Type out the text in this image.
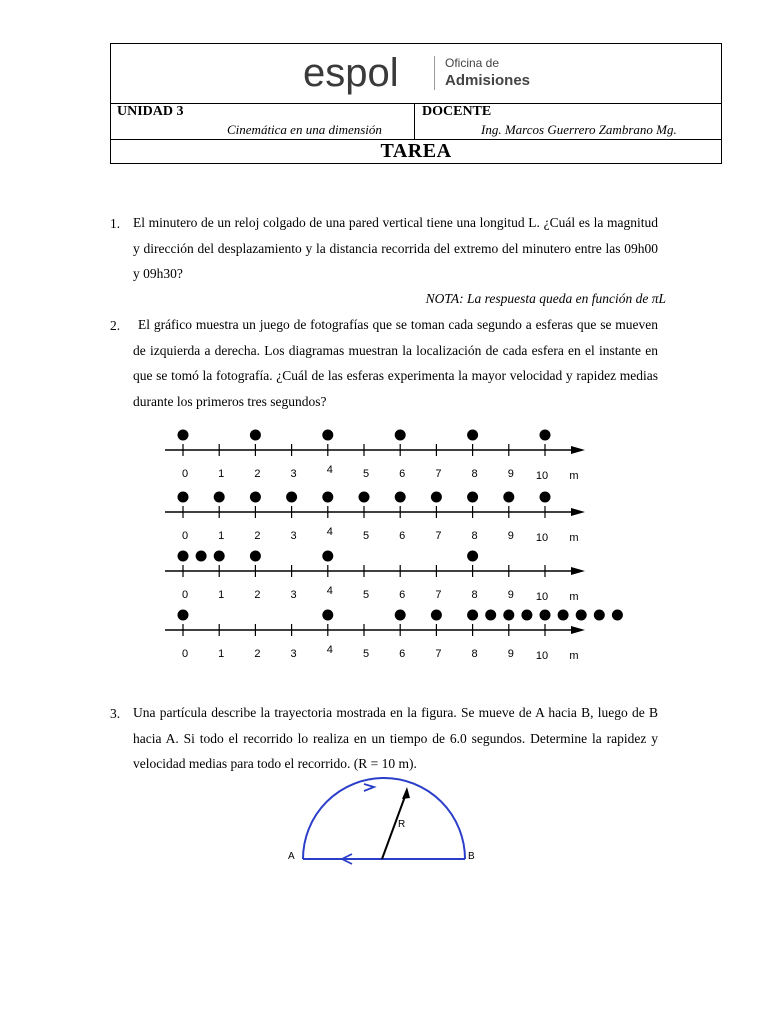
espol	Oficina de
Admisiones
UNIDAD 3
Cinemática en una dimensión
DOCENTE
Ing. Marcos Guerrero Zambrano Mg.
TAREA
1. El minutero de un reloj colgado de una pared vertical tiene una longitud L. ¿Cuál es la magnitud y dirección del desplazamiento y la distancia recorrida del extremo del minutero entre las 09h00 y 09h30?
NOTA: La respuesta queda en función de πL
2.	El gráfico muestra un juego de fotografías que se toman cada segundo a esferas que se mueven de izquierda a derecha. Los diagramas muestran la localización de cada esfera en el instante en que se tomó la fotografía. ¿Cuál de las esferas experimenta la mayor velocidad y rapidez medias durante los primeros tres segundos?
0	1	2	3	4	5	6	7	8	9 10 m
0	1	2	3	4	5	6	7	8	9 10 m
0	1	2	3	4	5	6	7	8	9 10 m
0	1	2	3	4	5	6	7	8	9 10 m
3. Una partícula describe la trayectoria mostrada en la figura. Se mueve de A hacia B, luego de B hacia A. Si todo el recorrido lo realiza en un tiempo de 6.0 segundos. Determine la rapidez y velocidad medias para todo el recorrido. (R = 10 m).
R
A	B
